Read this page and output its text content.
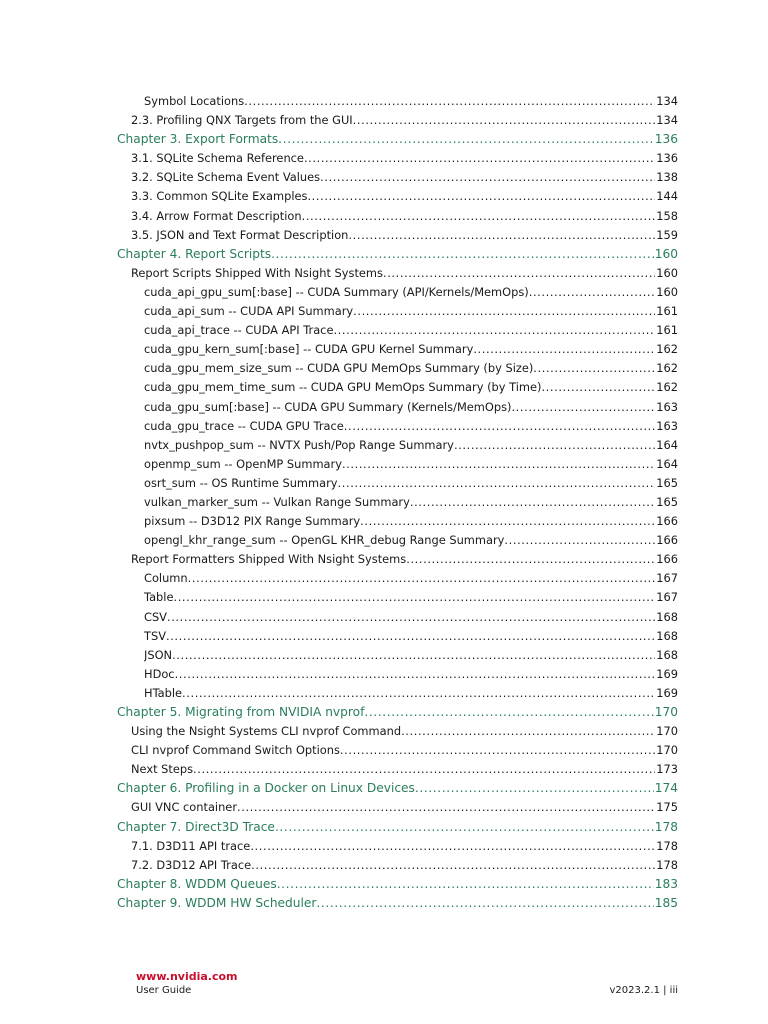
Symbol Locations .....	134
2.3. Profiling QNX Targets from the GUI .....	134
Chapter 3. Export Formats .....	136
3.1. SQLite Schema Reference .....	136
3.2. SQLite Schema Event Values .....	138
3.3. Common SQLite Examples .....	144
3.4. Arrow Format Description .....	158
3.5. JSON and Text Format Description .....	159
Chapter 4. Report Scripts .....	160
Report Scripts Shipped With Nsight Systems .....	160
cuda_api_gpu_sum[:base] -- CUDA Summary (API/Kernels/MemOps) .....	160
cuda_api_sum -- CUDA API Summary .....	161
cuda_api_trace -- CUDA API Trace .....	161
cuda_gpu_kern_sum[:base] -- CUDA GPU Kernel Summary .....	162
cuda_gpu_mem_size_sum -- CUDA GPU MemOps Summary (by Size) .....	162
cuda_gpu_mem_time_sum -- CUDA GPU MemOps Summary (by Time) .....	162
cuda_gpu_sum[:base] -- CUDA GPU Summary (Kernels/MemOps) .....	163
cuda_gpu_trace -- CUDA GPU Trace .....	163
nvtx_pushpop_sum -- NVTX Push/Pop Range Summary .....	164
openmp_sum -- OpenMP Summary .....	164
osrt_sum -- OS Runtime Summary .....	165
vulkan_marker_sum -- Vulkan Range Summary .....	165
pixsum -- D3D12 PIX Range Summary .....	166
opengl_khr_range_sum -- OpenGL KHR_debug Range Summary .....	166
Report Formatters Shipped With Nsight Systems .....	166
Column .....	167
Table .....	167
CSV .....	168
TSV .....	168
JSON .....	168
HDoc .....	169
HTable .....	169
Chapter 5. Migrating from NVIDIA nvprof .....	170
Using the Nsight Systems CLI nvprof Command .....	170
CLI nvprof Command Switch Options .....	170
Next Steps .....	173
Chapter 6. Profiling in a Docker on Linux Devices .....	174
GUI VNC container .....	175
Chapter 7. Direct3D Trace .....	178
7.1. D3D11 API trace .....	178
7.2. D3D12 API Trace .....	178
Chapter 8. WDDM Queues .....	183
Chapter 9. WDDM HW Scheduler .....	185
www.nvidia.com
User Guide	v2023.2.1 | iii
